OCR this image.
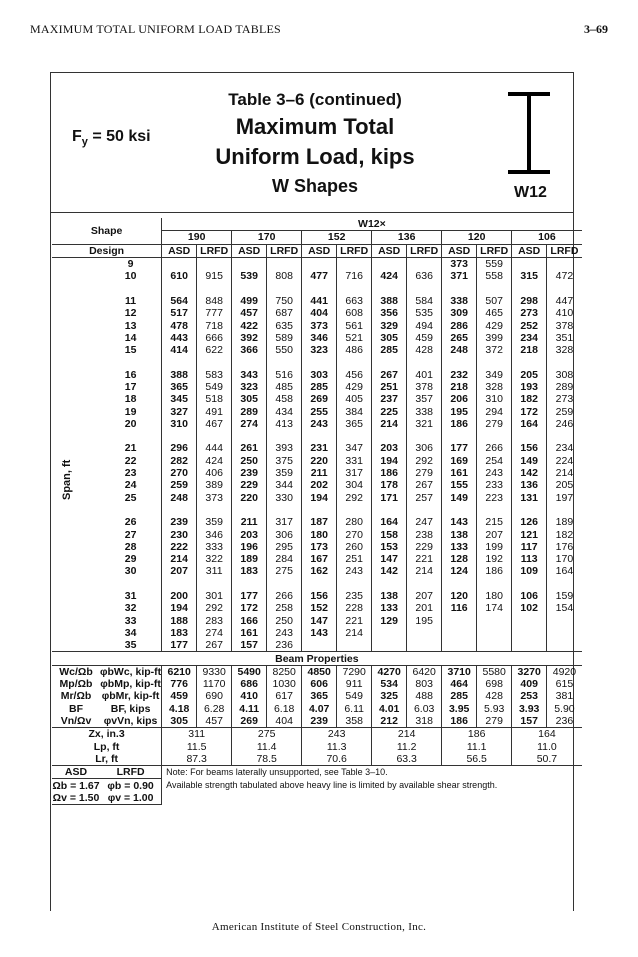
MAXIMUM TOTAL UNIFORM LOAD TABLES	3–69
$F_y = 50$ ksi
Table 3–6 (continued)
Maximum Total
Uniform Load, kips
W Shapes	W12
Shape		W12×											
		190		170		152		136		120		106	
Design		ASD	LRFD	ASD	LRFD	ASD	LRFD	ASD	LRFD	ASD	LRFD	ASD	LRFD
	9									373	559		
	10	610	915	539	808	477	716	424	636	371	558	315	472

	11	564	848	499	750	441	663	388	584	338	507	298	447
	12	517	777	457	687	404	608	356	535	309	465	273	410
	13	478	718	422	635	373	561	329	494	286	429	252	378
	14	443	666	392	589	346	521	305	459	265	399	234	351
	15	414	622	366	550	323	486	285	428	248	372	218	328

	16	388	583	343	516	303	456	267	401	232	349	205	308
	17	365	549	323	485	285	429	251	378	218	328	193	289
	18	345	518	305	458	269	405	237	357	206	310	182	273
	19	327	491	289	434	255	384	225	338	195	294	172	259
	20	310	467	274	413	243	365	214	321	186	279	164	246

	21	296	444	261	393	231	347	203	306	177	266	156	234
	22	282	424	250	375	220	331	194	292	169	254	149	224
	23	270	406	239	359	211	317	186	279	161	243	142	214
	24	259	389	229	344	202	304	178	267	155	233	136	205
	25	248	373	220	330	194	292	171	257	149	223	131	197

	26	239	359	211	317	187	280	164	247	143	215	126	189
	27	230	346	203	306	180	270	158	238	138	207	121	182
	28	222	333	196	295	173	260	153	229	133	199	117	176
	29	214	322	189	284	167	251	147	221	128	192	113	170
	30	207	311	183	275	162	243	142	214	124	186	109	164

	31	200	301	177	266	156	235	138	207	120	180	106	159
	32	194	292	172	258	152	228	133	201	116	174	102	154
	33	188	283	166	250	147	221	129	195				
	34	183	274	161	243	143	214						
	35	177	267	157	236								
Beam Properties													
Wc/Ωb	φbWc, kip-ft	6210	9330	5490	8250	4850	7290	4270	6420	3710	5580	3270	4920
Mp/Ωb	φbMp, kip-ft	776	1170	686	1030	606	911	534	803	464	698	409	615
Mr/Ωb	φbMr, kip-ft	459	690	410	617	365	549	325	488	285	428	253	381
BF	BF, kips	4.18	6.28	4.11	6.18	4.07	6.11	4.01	6.03	3.95	5.93	3.93	5.90
Vn/Ωv	φvVn, kips	305	457	269	404	239	358	212	318	186	279	157	236
Zx, in.3		311		275		243		214		186		164	
Lp, ft		11.5		11.4		11.3		11.2		11.1		11.0	
Lr, ft		87.3		78.5		70.6		63.3		56.5		50.7	
ASD	LRFD	Note: For beams laterally unsupported, see Table 3–10.											
Ωb = 1.67	φb = 0.90	Available strength tabulated above heavy line is limited by available shear strength.											
Ωv = 1.50	φv = 1.00												
American Institute of Steel Construction, Inc.
Span, ft
